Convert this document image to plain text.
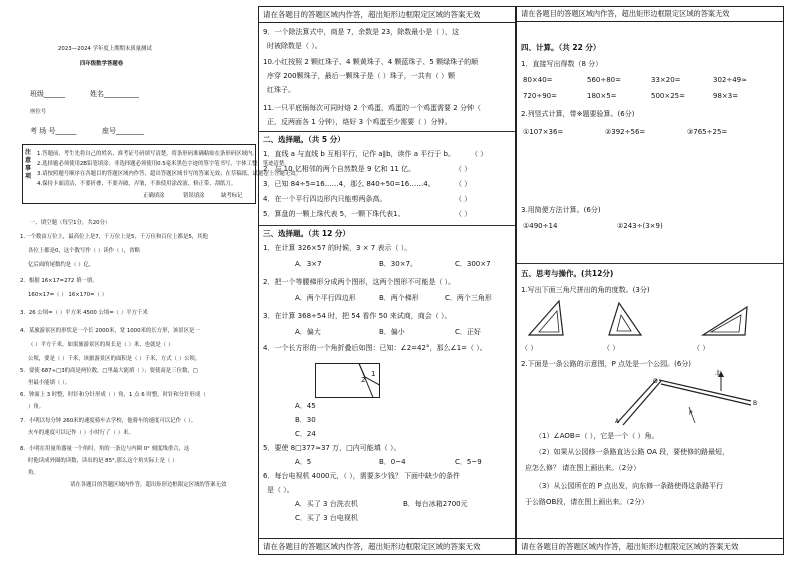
2023—2024 学年度上期期末质量测试
四年级数学答题卷
班级______	姓名__________
座位号
考 场 号______	座号________
注意事项
1.答题前，考生先将自己的姓名、准考证号码填写清楚，将条形码准确粘贴在条形码区域内。
2.选择题必须使用2B铅笔填涂；非选择题必须使用0.5毫米黑色字迹的签字笔书写，字体工整、笔迹清楚。
3.请按照题号顺序在各题目的答题区域内作答，超出答题区域书写的答案无效；在草稿纸、试题卷上答题无效。
4.保持卡面清洁，不要折叠、不要弄破、弄皱，不准使用涂改液、修正带、刮纸刀。
正确填涂	错误填涂	缺考标记
一、填空题（每空1分，共20分）
1.一个数由万位上，最高位上是7，千万位上是5，千万位和百位上都是5，其他
各位上都是0，这个数写作（ ）读作（ ），省略
亿后面的尾数约是（ ）亿。
2．根据 16×17=272 填一填。
160×17=（ ） 16×170=（ ）
3．26 公顷=（ ）平方米 4500 公顷=（ ）平方千米
4．某旅游景区的形状是一个长 2000米，宽 1000米的长方形，该景区是一
（ ）平方千米，如果旅游景区的周长是（ ）米，也就是（ ）
公顷，要是（ ）千米，该旅游景区的面积是（ ）千米，方式（ ）公顷。
5．要使 687÷□3的商是两位数，□里最大能填（ ）；要使商是三位数，□
里最小能填（ ）。
6．钟面上 3 时整，时针和分针形成（ ）角，1 点 6 时整，时针和分针形成（
）角。
7．小明以每分钟 260米的速度骑车去学校，他骑车的速度可以记作（ ）。
火车的速度可以记作（ ）小时行了（ ）米。
8．小明在用量角器量一个角时，角的一条边与内圈 0° 刻度线重合，这
时他读成外圈的读数，读出的是 85°,那么这个角实际上是（ ）
角。
请在各题目的答题区域内作答，超出矩形边框限定区域的答案无效
请在各题目的答题区域内作答，超出矩形边框限定区域的答案无效
9．一个除法算式中，商是 7，余数是 23，除数最小是（ ），这
时被除数是（ ）。
10.小红按照 2 颗红珠子、4 颗黄珠子、4 颗蓝珠子、5 颗绿珠子的顺
序穿 200颗珠子，最后一颗珠子是（ ）珠子，一共有（ ）颗
红珠子。
11.一只平底锅每次可同时烙 2 个鸡蛋，鸡蛋的一个鸡蛋需要 2 分钟（
正，反两面各 1 分钟），烙好 3 个鸡蛋至少需要（ ）分钟。
二、选择题。（共 5 分）
1．直线 a 与直线 b 互相平行，记作 a∥b，读作 a 平行于 b。 （ ）
2．与 10 亿相邻的两个自然数是 9 亿和 11 亿。	（ ）
3．已知 84÷5=16……4，那么 840÷50=16……4。	（ ）
4．在一个平行四边形内只能剪两条高。	（ ）
5．算盘的一颗上珠代表 5，一颗下珠代表1。	（ ）
三、选择题。（共 12 分）
1．在计算 326×57 的时候，3 × 7 表示（ ）。
A．3×7	B．30×7。	C．300×7
2．把一个等腰梯形分成两个图形，这两个图形不可能是（ ）。
A．两个平行四边形	B．两个梯形	C．两个三角形
3．在计算 368÷54 时，把 54 看作 50 来试商，商会（ ）。
A．偏大	B．偏小	C．正好
4．一个长方形的一个角折叠后如图：已知：∠2=42°，那么∠1=（ ）。
2
1
A．45
B．30
C．24
5．要使 8□377≈37 万，□内可能填（ ）。
A．5	B．0~4	C．5~9
6．每台电视机 4000元，（ ），需要多少钱？ 下面中缺少的条件
是（ ）。
A．买了 3 台洗衣机	B．每台冰箱2700元
C．买了 3 台电视机
请在各题目的答题区域内作答，超出矩形边框限定区域的答案无效
请在各题目的答题区域内作答，超出矩形边框限定区域的答案无效
四、计算。（共 22 分）
1．直接写出得数（8 分）
80×40=	560÷80=	33×20=	302÷49≈
720÷90=	180×5=	500×25=	98×3=
2.列竖式计算，带※题要验算。(6分)
①107×36=	②392÷56=	③765÷25=
3.用简便方法计算。(6分)
①490÷14	②243÷(3×9)
五、思考与操作。(共12分)
1.写出下面三角尺拼出的角的度数。(3分)
（ ）	（ ）	（ ）
2.下面是一条公路的示意图，P 点处是一个公园。(6分)
北
O
A
B
P
（1）∠AOB=（ ），它是一个（ ）角。
（2）如果从公园修一条路直达公路 OA 段，要使修的路最短，
应怎么修？ 请在图上画出来。（2分）
（3）从公园所在的 P 点出发，向东修一条路使得这条路平行
于公路OB段，请在图上画出来。（2分）
请在各题目的答题区域内作答，超出矩形边框限定区域的答案无效
